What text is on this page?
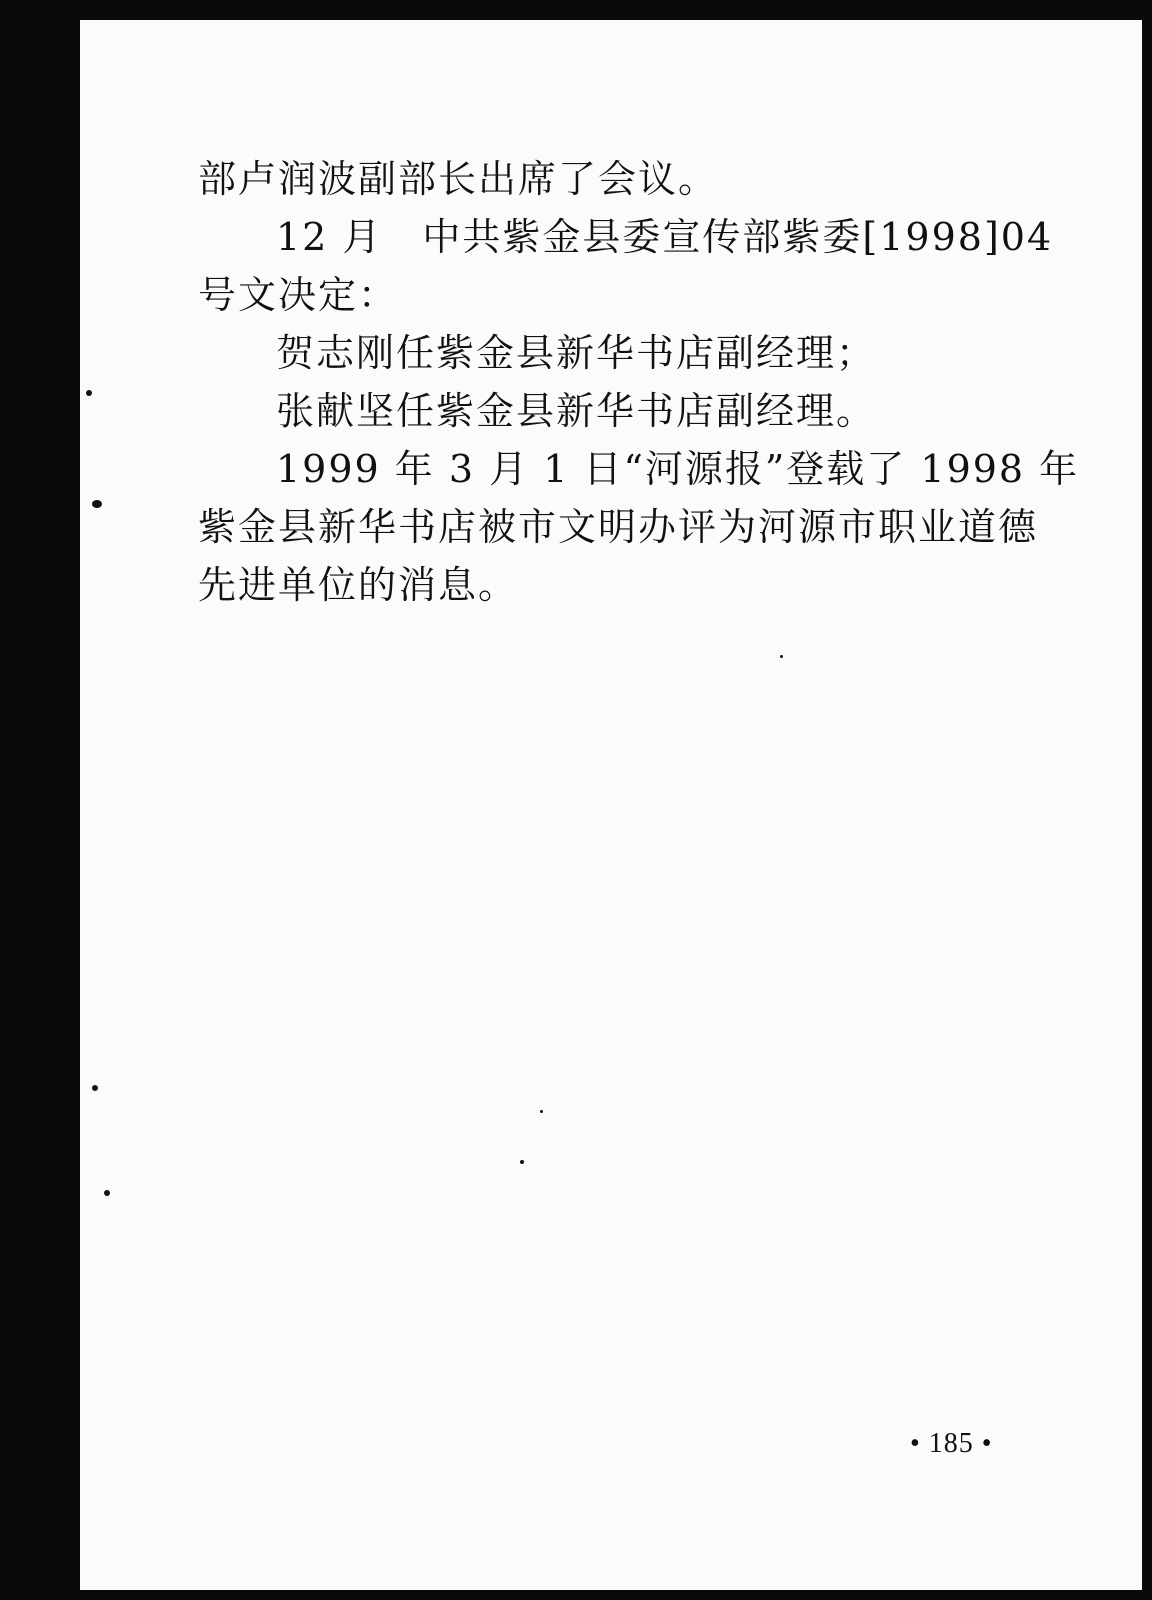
部卢润波副部长出席了会议。
12 月　中共紫金县委宣传部紫委[1998]04
号文决定：
贺志刚任紫金县新华书店副经理；
张献坚任紫金县新华书店副经理。
1999 年 3 月 1 日“河源报”登载了 1998 年
紫金县新华书店被市文明办评为河源市职业道德
先进单位的消息。
• 185 •
